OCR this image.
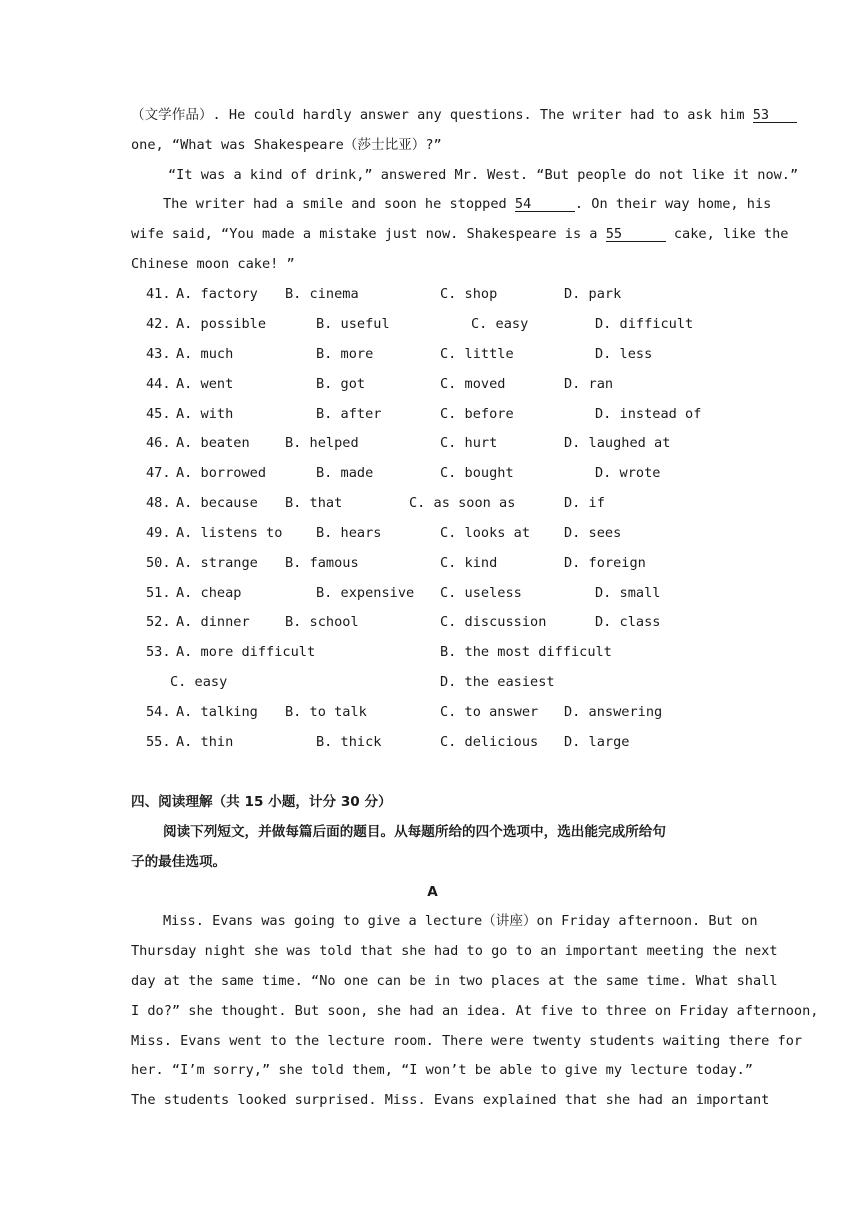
（文学作品）. He could hardly answer any questions. The writer had to ask him 53
one, “What was Shakespeare（莎士比亚）?”
“It was a kind of drink,” answered Mr. West. “But people do not like it now.”
The writer had a smile and soon he stopped 54	. On their way home, his
wife said, “You made a mistake just now. Shakespeare is a 55	cake, like the
Chinese moon cake! ”
41. A. factory B. cinema	C. shop	D. park
42. A. possible	B. useful	C. easy	D. difficult
43. A. much	B. more	C. little	D. less
44. A. went	B. got	C. moved	D. ran
45. A. with	B. after	C. before	D. instead of
46. A. beaten	B. helped	C. hurt	D. laughed at
47. A. borrowed	B. made	C. bought	D. wrote
48. A. because B. that	C. as soon as	D. if
49. A. listens to B. hears	C. looks at D. sees
50. A. strange B. famous	C. kind	D. foreign
51. A. cheap	B. expensive C. useless	D. small
52. A. dinner	B. school	C. discussion	D. class
53. A. more difficult	B. the most difficult
C. easy	D. the easiest
54. A. talking B. to talk	C. to answer D. answering
55. A. thin	B. thick	C. delicious D. large
四、阅读理解（共 15 小题，计分 30 分）
阅读下列短文，并做每篇后面的题目。从每题所给的四个选项中，选出能完成所给句
子的最佳选项。
A
Miss. Evans was going to give a lecture（讲座）on Friday afternoon. But on
Thursday night she was told that she had to go to an important meeting the next
day at the same time. “No one can be in two places at the same time. What shall
I do?” she thought. But soon, she had an idea. At five to three on Friday afternoon,
Miss. Evans went to the lecture room. There were twenty students waiting there for
her. “I’m sorry,” she told them, “I won’t be able to give my lecture today.”
The students looked surprised. Miss. Evans explained that she had an important
